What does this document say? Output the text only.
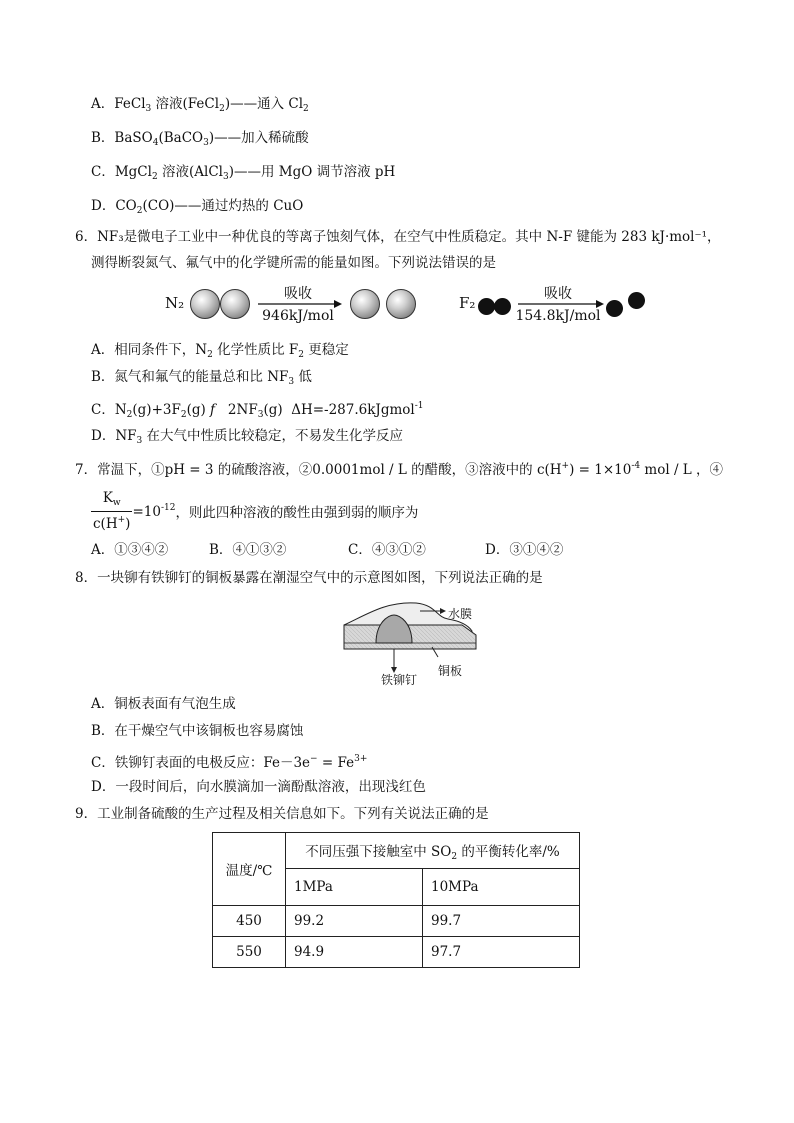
A．FeCl$_3$ 溶液(FeCl$_2$)——通入 $Cl_2$
B．BaSO$_4$(BaCO$_3$)——加入稀硫酸
C．MgCl$_2$ 溶液(AlCl$_3$)——用 MgO 调节溶液 pH
D．$CO_2(CO)——$通过灼热的 CuO
6．NF₃是微电子工业中一种优良的等离子蚀刻气体，在空气中性质稳定。其中 N-F 键能为 283 kJ·mol⁻¹，
测得断裂氮气、氟气中的化学键所需的能量如图。下列说法错误的是
N₂	吸收
946kJ/mol
F₂	吸收
154.8kJ/mol
A．相同条件下，$N_2$ 化学性质比 $F_2$ 更稳定
B．氮气和氟气的能量总和比 $NF_3$ 低
C．$N_2(g)+3F_2(g)$ f   $2NF_3(g)$  ΔH=-287.6kJgmol$^{-1}$
D．$NF_3$ 在大气中性质比较稳定，不易发生化学反应
7．常温下，①pH = 3 的硫酸溶液，②0.0001mol / L 的醋酸，③溶液中的 $c(H^+) = 1\times 10^{-4}$ mol / L ，④
$\frac{K_w}{c(H^+)} =10^{-12}$，则此四种溶液的酸性由强到弱的顺序为
A．①③④②	B．④①③②	C．④③①②	D．③①④②
8．一块铆有铁铆钉的铜板暴露在潮湿空气中的示意图如图，下列说法正确的是
水膜
铁铆钉
铜板
A．铜板表面有气泡生成
B．在干燥空气中该铜板也容易腐蚀
C．铁铆钉表面的电极反应：$Fe-3e^- = Fe^{3+}$
D．一段时间后，向水膜滴加一滴酚酞溶液，出现浅红色
9．工业制备硫酸的生产过程及相关信息如下。下列有关说法正确的是
温度/℃	不同压强下接触室中 $SO_2$ 的平衡转化率/%	
	1MPa	10MPa
450	99.2	99.7
550	94.9	97.7
